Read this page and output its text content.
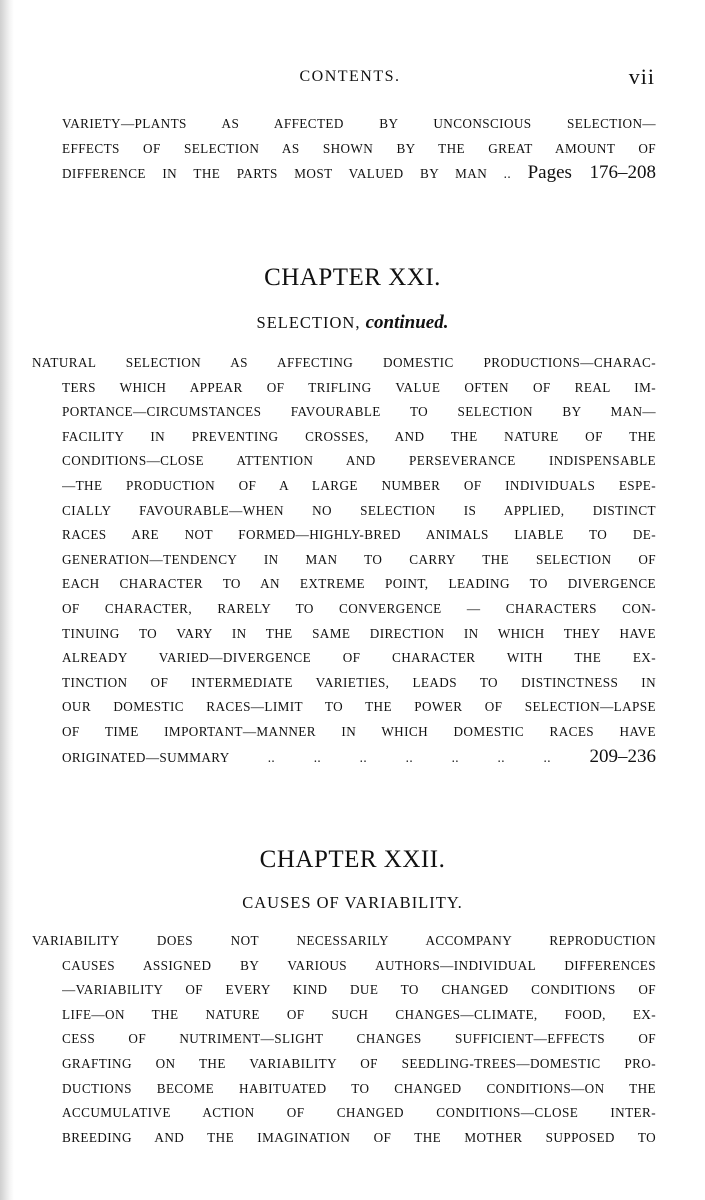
CONTENTS.	vii
VARIETY—PLANTS AS AFFECTED BY UNCONSCIOUS SELECTION—
EFFECTS OF SELECTION AS SHOWN BY THE GREAT AMOUNT OF
DIFFERENCE IN THE PARTS MOST VALUED BY MAN .. Pages 176–208
CHAPTER XXI.
SELECTION, continued.
NATURAL SELECTION AS AFFECTING DOMESTIC PRODUCTIONS—CHARAC-
TERS WHICH APPEAR OF TRIFLING VALUE OFTEN OF REAL IM-
PORTANCE—CIRCUMSTANCES FAVOURABLE TO SELECTION BY MAN—
FACILITY IN PREVENTING CROSSES, AND THE NATURE OF THE
CONDITIONS—CLOSE ATTENTION AND PERSEVERANCE INDISPENSABLE
—THE PRODUCTION OF A LARGE NUMBER OF INDIVIDUALS ESPE-
CIALLY FAVOURABLE—WHEN NO SELECTION IS APPLIED, DISTINCT
RACES ARE NOT FORMED—HIGHLY-BRED ANIMALS LIABLE TO DE-
GENERATION—TENDENCY IN MAN TO CARRY THE SELECTION OF
EACH CHARACTER TO AN EXTREME POINT, LEADING TO DIVERGENCE
OF CHARACTER, RARELY TO CONVERGENCE — CHARACTERS CON-
TINUING TO VARY IN THE SAME DIRECTION IN WHICH THEY HAVE
ALREADY VARIED—DIVERGENCE OF CHARACTER WITH THE EX-
TINCTION OF INTERMEDIATE VARIETIES, LEADS TO DISTINCTNESS IN
OUR DOMESTIC RACES—LIMIT TO THE POWER OF SELECTION—LAPSE
OF TIME IMPORTANT—MANNER IN WHICH DOMESTIC RACES HAVE
ORIGINATED—SUMMARY .. .. .. .. .. .. .. 209–236
CHAPTER XXII.
CAUSES OF VARIABILITY.
VARIABILITY DOES NOT NECESSARILY ACCOMPANY REPRODUCTION
CAUSES ASSIGNED BY VARIOUS AUTHORS—INDIVIDUAL DIFFERENCES
—VARIABILITY OF EVERY KIND DUE TO CHANGED CONDITIONS OF
LIFE—ON THE NATURE OF SUCH CHANGES—CLIMATE, FOOD, EX-
CESS OF NUTRIMENT—SLIGHT CHANGES SUFFICIENT—EFFECTS OF
GRAFTING ON THE VARIABILITY OF SEEDLING-TREES—DOMESTIC PRO-
DUCTIONS BECOME HABITUATED TO CHANGED CONDITIONS—ON THE
ACCUMULATIVE ACTION OF CHANGED CONDITIONS—CLOSE INTER-
BREEDING AND THE IMAGINATION OF THE MOTHER SUPPOSED TO
